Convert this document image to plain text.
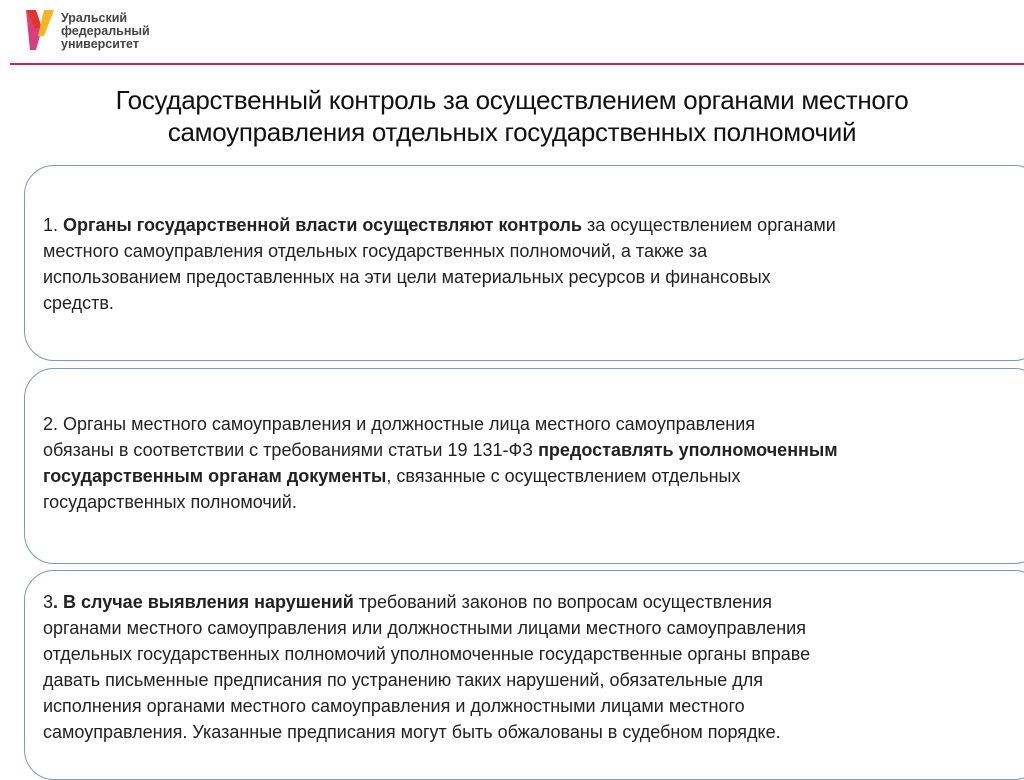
Уральский
федеральный
университет
Государственный контроль за осуществлением органами местного
самоуправления отдельных государственных полномочий
1. Органы государственной власти осуществляют контроль за осуществлением органами
местного самоуправления отдельных государственных полномочий, а также за
использованием предоставленных на эти цели материальных ресурсов и финансовых
средств.
2. Органы местного самоуправления и должностные лица местного самоуправления
обязаны в соответствии с требованиями статьи 19 131-ФЗ предоставлять уполномоченным
государственным органам документы, связанные с осуществлением отдельных
государственных полномочий.
3. В случае выявления нарушений требований законов по вопросам осуществления
органами местного самоуправления или должностными лицами местного самоуправления
отдельных государственных полномочий уполномоченные государственные органы вправе
давать письменные предписания по устранению таких нарушений, обязательные для
исполнения органами местного самоуправления и должностными лицами местного
самоуправления. Указанные предписания могут быть обжалованы в судебном порядке.
